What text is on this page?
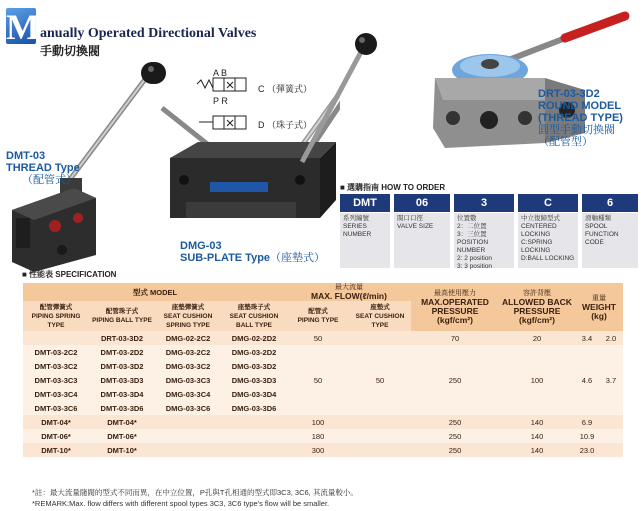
M anually Operated Directional Valves
手動切換閥
DMT-03
THREAD Type
（配管式）
DMG-03
SUB-PLATE Type（座墊式）
A B
P R
C （彈簧式）
D （珠子式）
DRT-03-3D2
ROUND MODEL
(THREAD TYPE)
圓型手動切換閥
（配管型）
■ 選購指南 HOW TO ORDER
DMT	06	3	C	6
系列編號
SERIES NUMBER
閥口口徑
VALVE SIZE
位置數
2：二位置
3：三位置
POSITION NUMBER
2: 2 position
3: 3 position
中立復歸型式
CENTERED
LOCKING
C:SPRING LOCKING
D:BALL LOCKING
滑軸種類
SPOOL FUNCTION
CODE
■ 性能表 SPECIFICATION
型式 MODEL				最大流量
MAX. FLOW(ℓ/min)		最高使用壓力
MAX.OPERATED PRESSURE
(kgf/cm²)	容許背壓
ALLOWED BACK PRESSURE
(kgf/cm²)	重量
WEIGHT
(kg)	

配管彈簧式
PIPING SPRING TYPE	配管珠子式
PIPING BALL TYPE	座墊彈簧式
SEAT CUSHION SPRING TYPE	座墊珠子式
SEAT CUSHION BALL TYPE	配管式
PIPING TYPE	座墊式
SEAT CUSHION TYPE				
	DRT-03-3D2	DMG-02-2C2	DMG-02-2D2	50		70	20	3.4	2.0
DMT-03-2C2	DMT-03-2D2	DMG-03-2C2	DMG-03-2D2						
DMT-03-3C2	DMT-03-3D2	DMG-03-3C2	DMG-03-3D2						
DMT-03-3C3	DMT-03-3D3	DMG-03-3C3	DMG-03-3D3	50	50	250	100	4.6	3.7
DMT-03-3C4	DMT-03-3D4	DMG-03-3C4	DMG-03-3D4						
DMT-03-3C6	DMT-03-3D6	DMG-03-3C6	DMG-03-3D6						
DMT-04*	DMT-04*			100		250	140	6.9	
DMT-06*	DMT-06*			180		250	140	10.9	
DMT-10*	DMT-10*			300		250	140	23.0	
*註：最大流量隨閥的型式不同而異，在中立位置，P孔與T孔相通的型式即3C3, 3C6, 其流量較小。
*REMARK:Max. flow differs with different spool types 3C3, 3C6 type's flow will be smaller.
